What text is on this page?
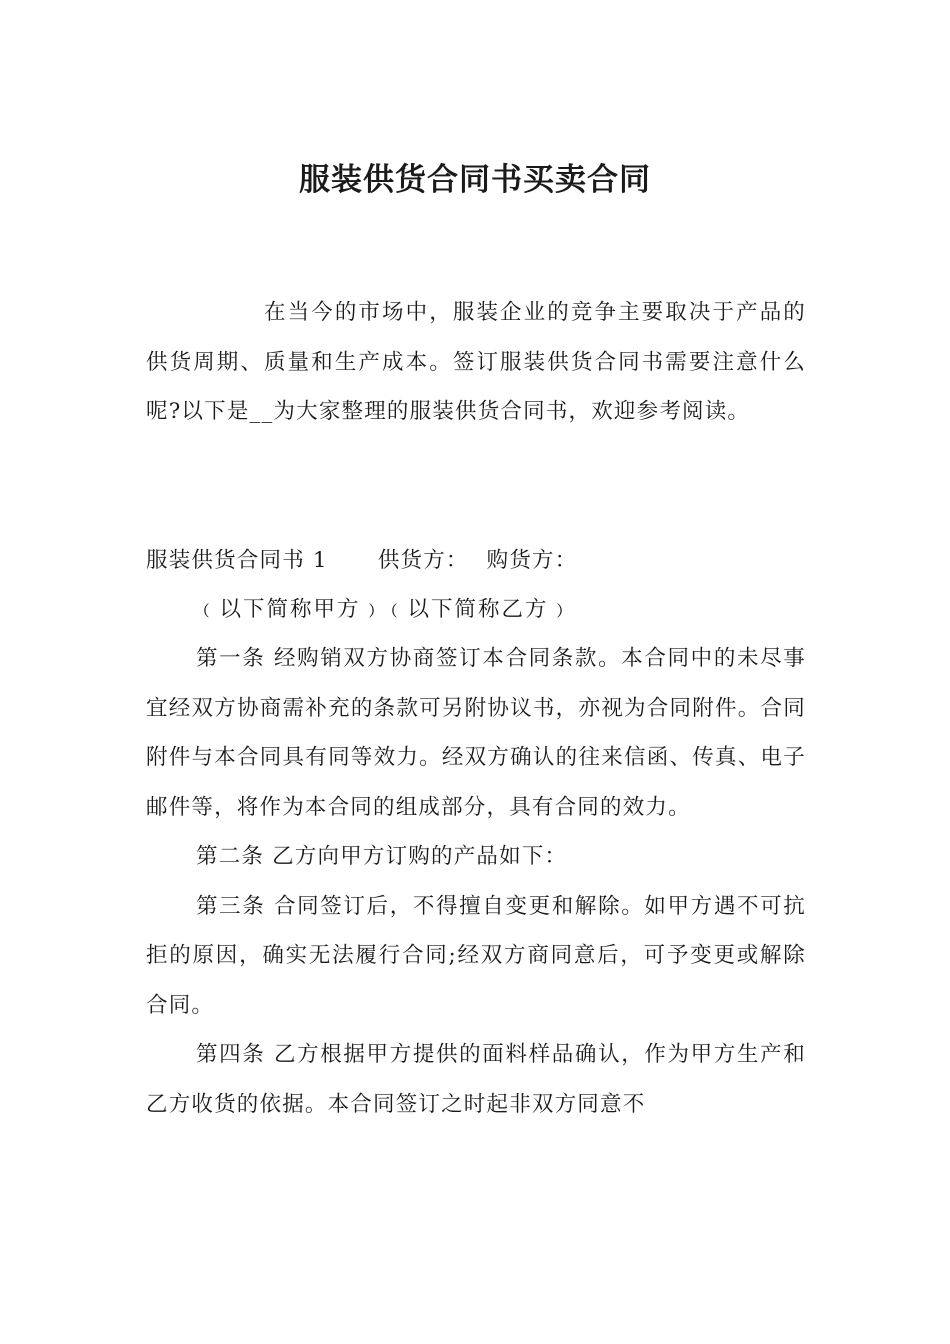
服装供货合同书买卖合同

在当今的市场中，服装企业的竞争主要取决于产品的供货周期、质量和生产成本。签订服装供货合同书需要注意什么呢?以下是__为大家整理的服装供货合同书，欢迎参考阅读。

服装供货合同书 1 供货方： 购货方：

﹙以下简称甲方﹚﹙以下简称乙方﹚

第一条 经购销双方协商签订本合同条款。本合同中的未尽事宜经双方协商需补充的条款可另附协议书，亦视为合同附件。合同附件与本合同具有同等效力。经双方确认的往来信函、传真、电子邮件等，将作为本合同的组成部分，具有合同的效力。

第二条 乙方向甲方订购的产品如下：

第三条 合同签订后，不得擅自变更和解除。如甲方遇不可抗拒的原因，确实无法履行合同;经双方商同意后，可予变更或解除合同。

第四条 乙方根据甲方提供的面料样品确认，作为甲方生产和乙方收货的依据。本合同签订之时起非双方同意不
